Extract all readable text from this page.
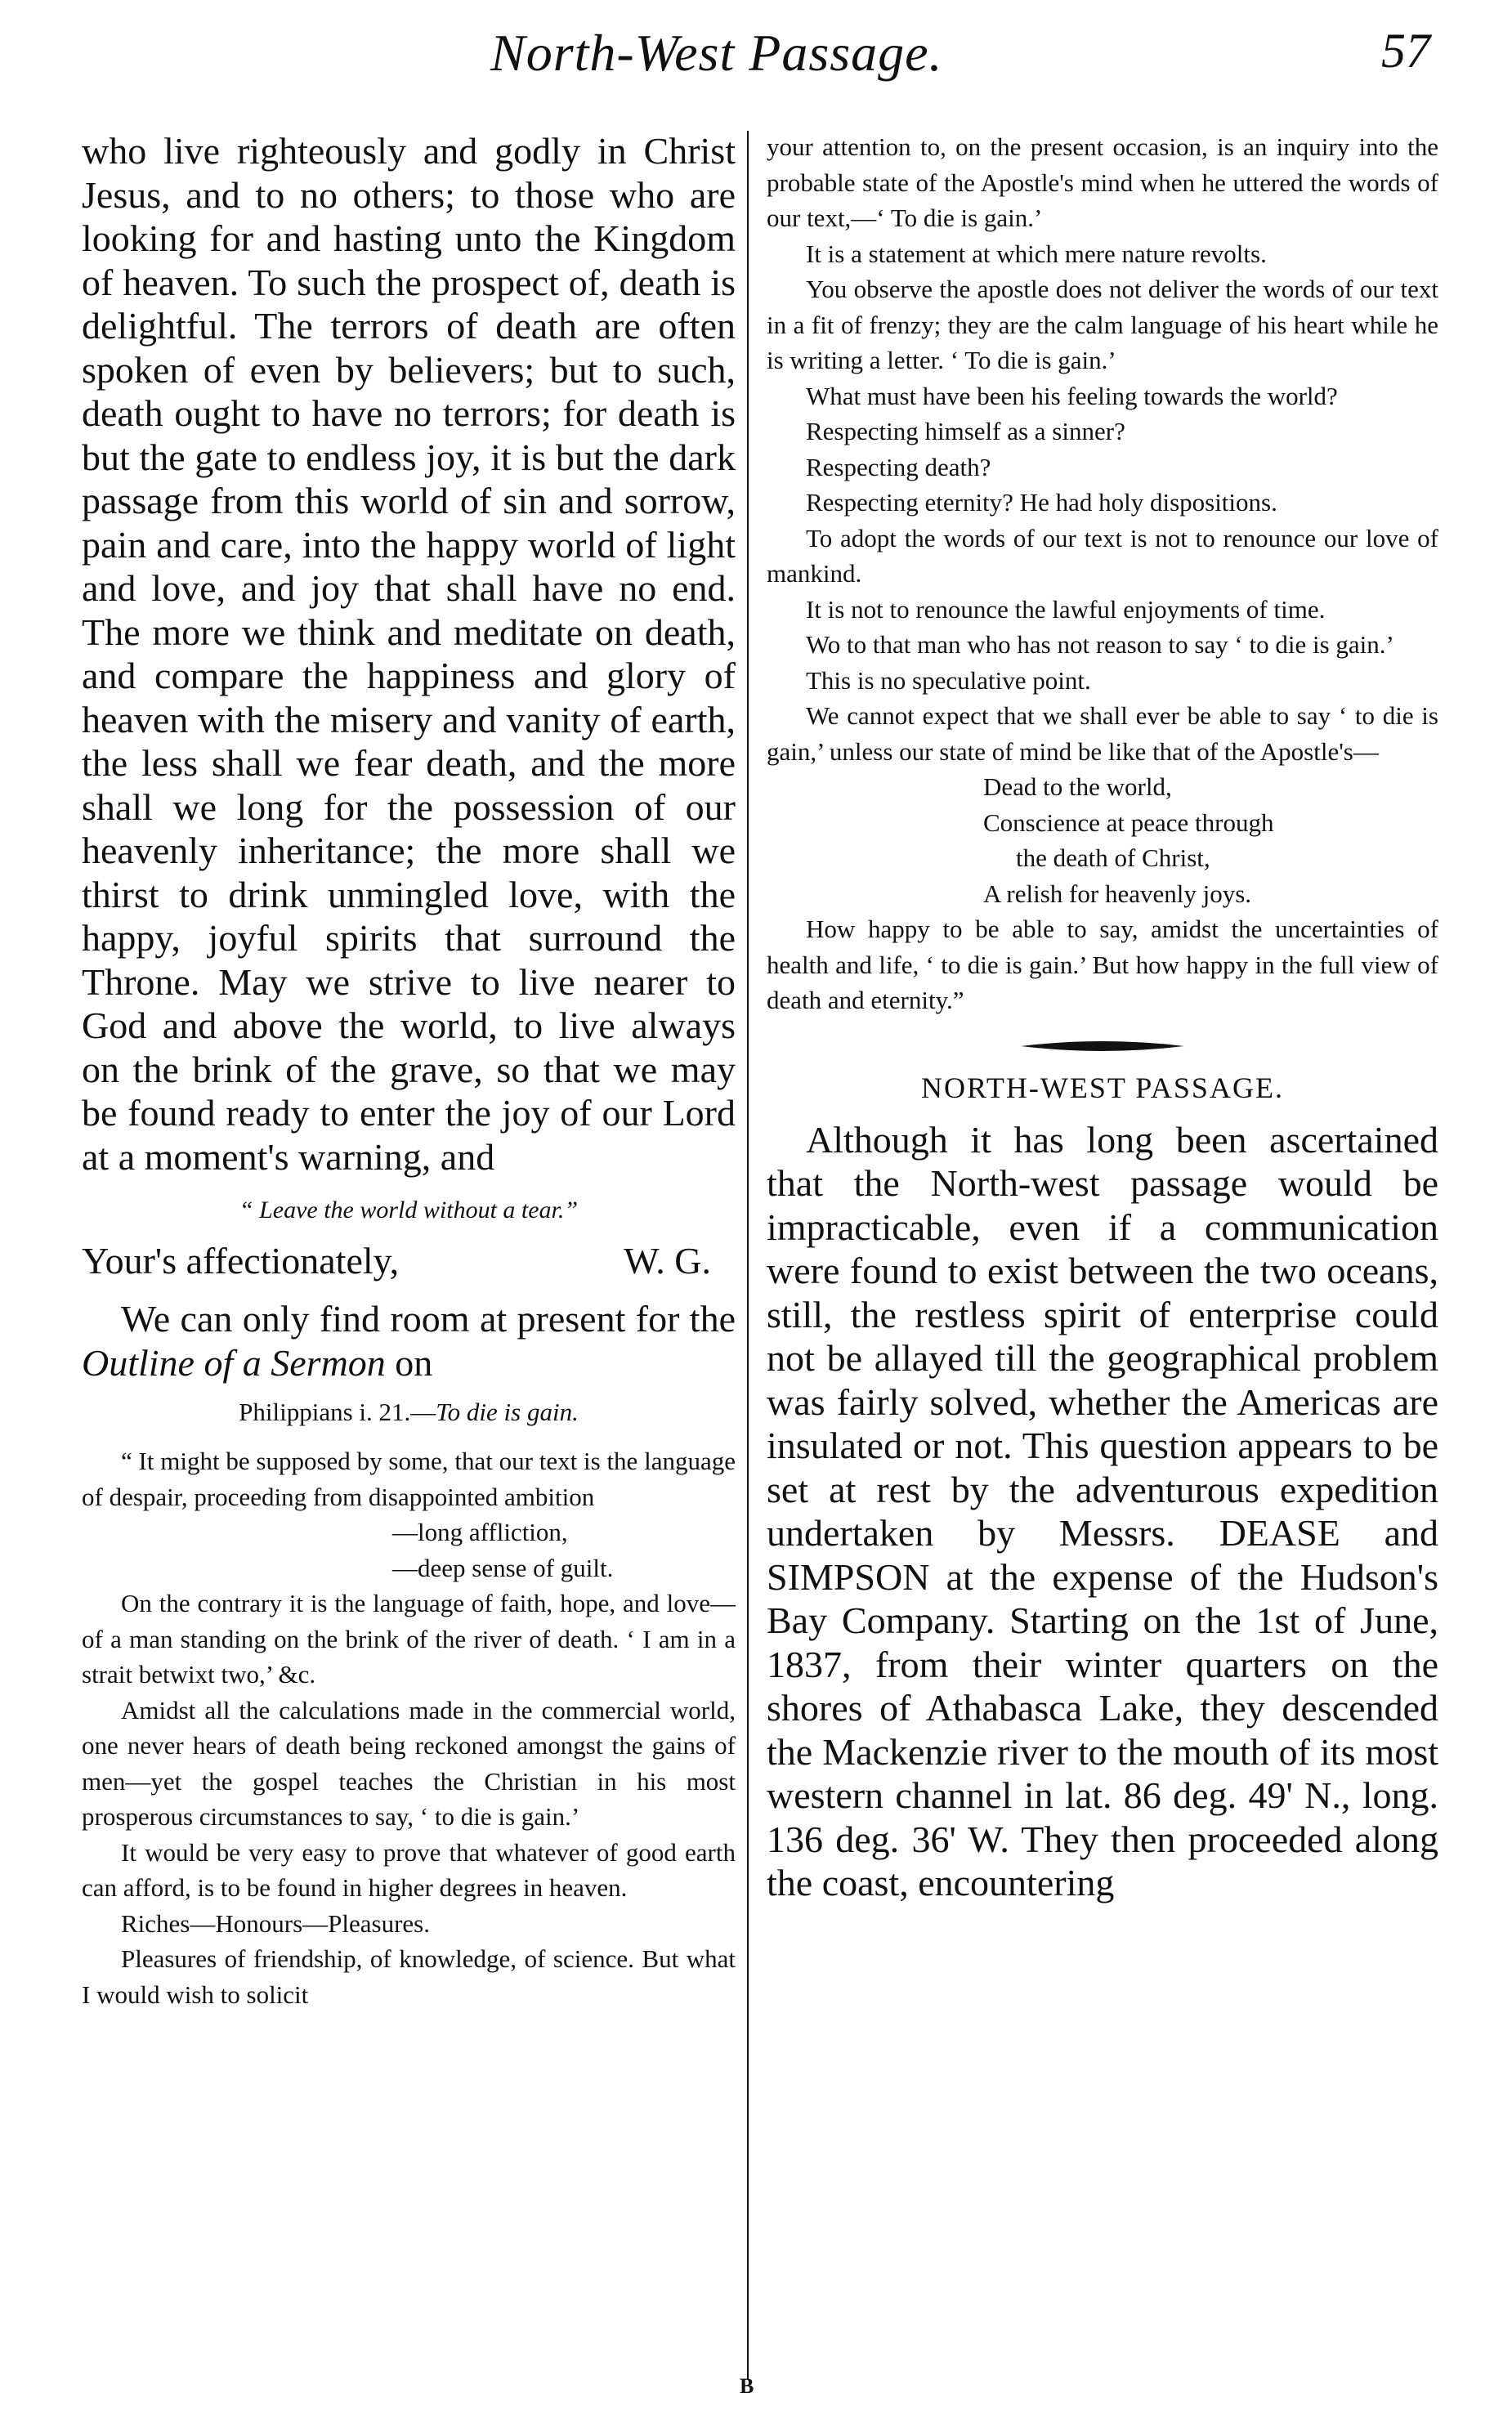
North-West Passage.	57

who live righteously and godly in Christ Jesus, and to no others; to those who are looking for and hasting unto the Kingdom of heaven. To such the prospect of, death is delightful. The terrors of death are often spoken of even by believers; but to such, death ought to have no terrors; for death is but the gate to endless joy, it is but the dark passage from this world of sin and sorrow, pain and care, into the happy world of light and love, and joy that shall have no end. The more we think and meditate on death, and compare the happiness and glory of heaven with the misery and vanity of earth, the less shall we fear death, and the more shall we long for the possession of our heavenly inheritance; the more shall we thirst to drink unmingled love, with the happy, joyful spirits that surround the Throne. May we strive to live nearer to God and above the world, to live always on the brink of the grave, so that we may be found ready to enter the joy of our Lord at a moment's warning, and

“ Leave the world without a tear.”

Your's affectionately,	W. G.

We can only find room at present for the Outline of a Sermon on

Philippians i. 21.—To die is gain.

“ It might be supposed by some, that our text is the language of despair, proceeding from disappointed ambition

—long affliction,

—deep sense of guilt.

On the contrary it is the language of faith, hope, and love—of a man standing on the brink of the river of death. ‘ I am in a strait betwixt two,’ &c.

Amidst all the calculations made in the commercial world, one never hears of death being reckoned amongst the gains of men—yet the gospel teaches the Christian in his most prosperous circumstances to say, ‘ to die is gain.’

It would be very easy to prove that whatever of good earth can afford, is to be found in higher degrees in heaven.

Riches—Honours—Pleasures.

Pleasures of friendship, of knowledge, of science. But what I would wish to solicit

your attention to, on the present occasion, is an inquiry into the probable state of the Apostle's mind when he uttered the words of our text,—‘ To die is gain.’

It is a statement at which mere nature revolts.

You observe the apostle does not deliver the words of our text in a fit of frenzy; they are the calm language of his heart while he is writing a letter. ‘ To die is gain.’

What must have been his feeling towards the world?

Respecting himself as a sinner?

Respecting death?

Respecting eternity? He had holy dispositions.

To adopt the words of our text is not to renounce our love of mankind.

It is not to renounce the lawful enjoyments of time.

Wo to that man who has not reason to say ‘ to die is gain.’

This is no speculative point.

We cannot expect that we shall ever be able to say ‘ to die is gain,’ unless our state of mind be like that of the Apostle's—

Dead to the world,
Conscience at peace through
the death of Christ,
A relish for heavenly joys.

How happy to be able to say, amidst the uncertainties of health and life, ‘ to die is gain.’ But how happy in the full view of death and eternity.”

NORTH-WEST PASSAGE.

Although it has long been ascertained that the North-west passage would be impracticable, even if a communication were found to exist between the two oceans, still, the restless spirit of enterprise could not be allayed till the geographical problem was fairly solved, whether the Americas are insulated or not. This question appears to be set at rest by the adventurous expedition undertaken by Messrs. DEASE and SIMPSON at the expense of the Hudson's Bay Company. Starting on the 1st of June, 1837, from their winter quarters on the shores of Athabasca Lake, they descended the Mackenzie river to the mouth of its most western channel in lat. 86 deg. 49' N., long. 136 deg. 36' W. They then proceeded along the coast, encountering

B
